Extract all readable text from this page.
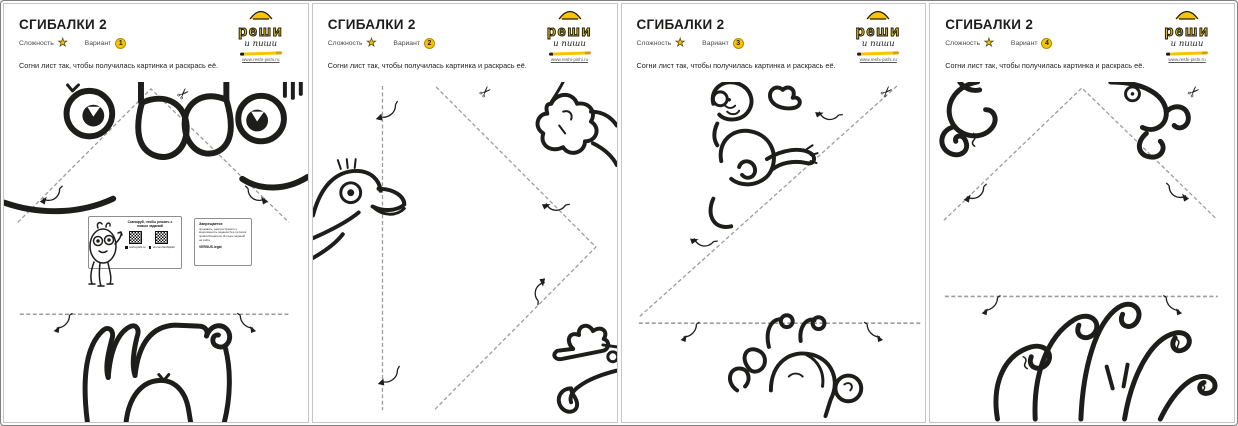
СГИБАЛКИ 2
Сложность ★	Вариант	1
Согни лист так, чтобы получилась картинка и раскрась её.
реши
и пиши
www.reshi-pishi.ru
✂
Сканируй, чтобы решать с новых заданий
reshi-pishi.ru vk.com/reshipishi
Запрещается
продавать, распространять и видоизменять задания без согласия правообладателя. Больше заданий на сайте.
VERSUS.legal
СГИБАЛКИ 2
Сложность ★	Вариант	2
Согни лист так, чтобы получилась картинка и раскрась её.
реши
и пиши
www.reshi-pishi.ru
✂
СГИБАЛКИ 2
Сложность ★	Вариант	3
Согни лист так, чтобы получилась картинка и раскрась её.
реши
и пиши
www.reshi-pishi.ru
✂
СГИБАЛКИ 2
Сложность ★	Вариант	4
Согни лист так, чтобы получилась картинка и раскрась её.
реши
и пиши
www.reshi-pishi.ru
✂
